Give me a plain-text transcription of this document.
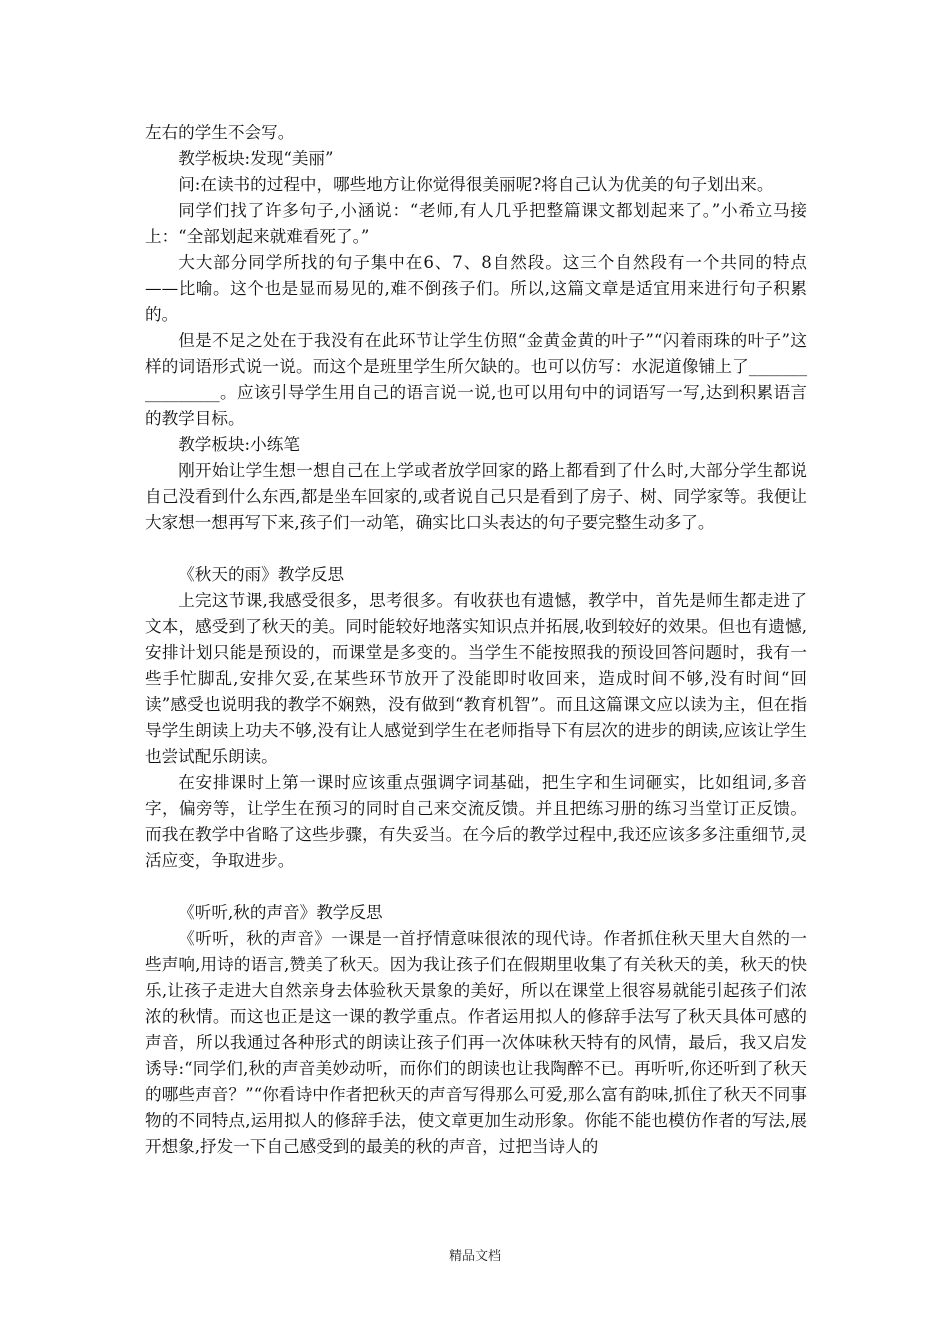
左右的学生不会写。
教学板块:发现“美丽”
问:在读书的过程中，哪些地方让你觉得很美丽呢?将自己认为优美的句子划出来。
同学们找了许多句子,小涵说：“老师,有人几乎把整篇课文都划起来了。”小希立马接上：“全部划起来就难看死了。”
大大部分同学所找的句子集中在6、7、8自然段。这三个自然段有一个共同的特点——比喻。这个也是显而易见的,难不倒孩子们。所以,这篇文章是适宜用来进行句子积累的。
但是不足之处在于我没有在此环节让学生仿照“金黄金黄的叶子”“闪着雨珠的叶子”这样的词语形式说一说。而这个是班里学生所欠缺的。也可以仿写：水泥道像铺上了________________。应该引导学生用自己的语言说一说,也可以用句中的词语写一写,达到积累语言的教学目标。
教学板块:小练笔
刚开始让学生想一想自己在上学或者放学回家的路上都看到了什么时,大部分学生都说自己没看到什么东西,都是坐车回家的,或者说自己只是看到了房子、树、同学家等。我便让大家想一想再写下来,孩子们一动笔，确实比口头表达的句子要完整生动多了。
《秋天的雨》教学反思
上完这节课,我感受很多，思考很多。有收获也有遗憾，教学中，首先是师生都走进了文本，感受到了秋天的美。同时能较好地落实知识点并拓展,收到较好的效果。但也有遗憾,安排计划只能是预设的，而课堂是多变的。当学生不能按照我的预设回答问题时，我有一些手忙脚乱,安排欠妥,在某些环节放开了没能即时收回来，造成时间不够,没有时间“回读”感受也说明我的教学不娴熟，没有做到“教育机智”。而且这篇课文应以读为主，但在指导学生朗读上功夫不够,没有让人感觉到学生在老师指导下有层次的进步的朗读,应该让学生也尝试配乐朗读。
在安排课时上第一课时应该重点强调字词基础，把生字和生词砸实，比如组词,多音字，偏旁等，让学生在预习的同时自己来交流反馈。并且把练习册的练习当堂订正反馈。而我在教学中省略了这些步骤，有失妥当。在今后的教学过程中,我还应该多多注重细节,灵活应变，争取进步。
《听听,秋的声音》教学反思
《听听，秋的声音》一课是一首抒情意味很浓的现代诗。作者抓住秋天里大自然的一些声响,用诗的语言,赞美了秋天。因为我让孩子们在假期里收集了有关秋天的美，秋天的快乐,让孩子走进大自然亲身去体验秋天景象的美好，所以在课堂上很容易就能引起孩子们浓浓的秋情。而这也正是这一课的教学重点。作者运用拟人的修辞手法写了秋天具体可感的声音，所以我通过各种形式的朗读让孩子们再一次体味秋天特有的风情，最后，我又启发诱导:“同学们,秋的声音美妙动听，而你们的朗读也让我陶醉不已。再听听,你还听到了秋天的哪些声音？”“你看诗中作者把秋天的声音写得那么可爱,那么富有韵味,抓住了秋天不同事物的不同特点,运用拟人的修辞手法，使文章更加生动形象。你能不能也模仿作者的写法,展开想象,抒发一下自己感受到的最美的秋的声音，过把当诗人的
精品文档
